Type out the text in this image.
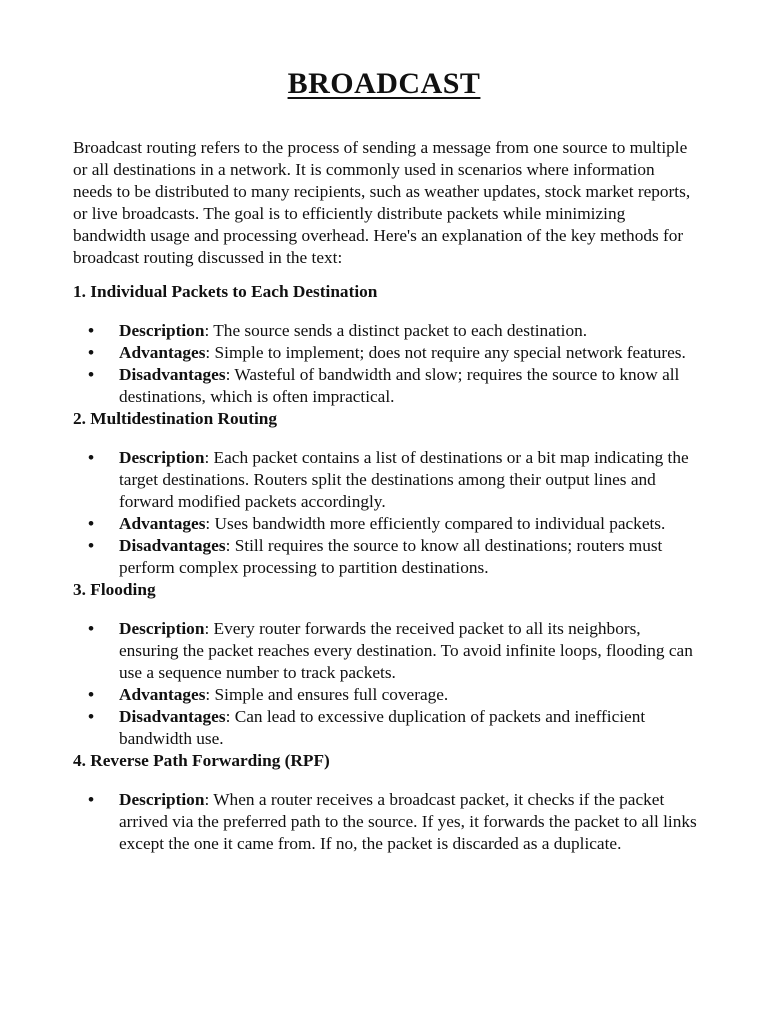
BROADCAST

Broadcast routing refers to the process of sending a message from one source to multiple or all destinations in a network. It is commonly used in scenarios where information needs to be distributed to many recipients, such as weather updates, stock market reports, or live broadcasts. The goal is to efficiently distribute packets while minimizing bandwidth usage and processing overhead. Here's an explanation of the key methods for broadcast routing discussed in the text:

1. Individual Packets to Each Destination
• Description: The source sends a distinct packet to each destination.
• Advantages: Simple to implement; does not require any special network features.
• Disadvantages: Wasteful of bandwidth and slow; requires the source to know all destinations, which is often impractical.
2. Multidestination Routing
• Description: Each packet contains a list of destinations or a bit map indicating the target destinations. Routers split the destinations among their output lines and forward modified packets accordingly.
• Advantages: Uses bandwidth more efficiently compared to individual packets.
• Disadvantages: Still requires the source to know all destinations; routers must perform complex processing to partition destinations.
3. Flooding
• Description: Every router forwards the received packet to all its neighbors, ensuring the packet reaches every destination. To avoid infinite loops, flooding can use a sequence number to track packets.
• Advantages: Simple and ensures full coverage.
• Disadvantages: Can lead to excessive duplication of packets and inefficient bandwidth use.
4. Reverse Path Forwarding (RPF)
• Description: When a router receives a broadcast packet, it checks if the packet arrived via the preferred path to the source. If yes, it forwards the packet to all links except the one it came from. If no, the packet is discarded as a duplicate.
